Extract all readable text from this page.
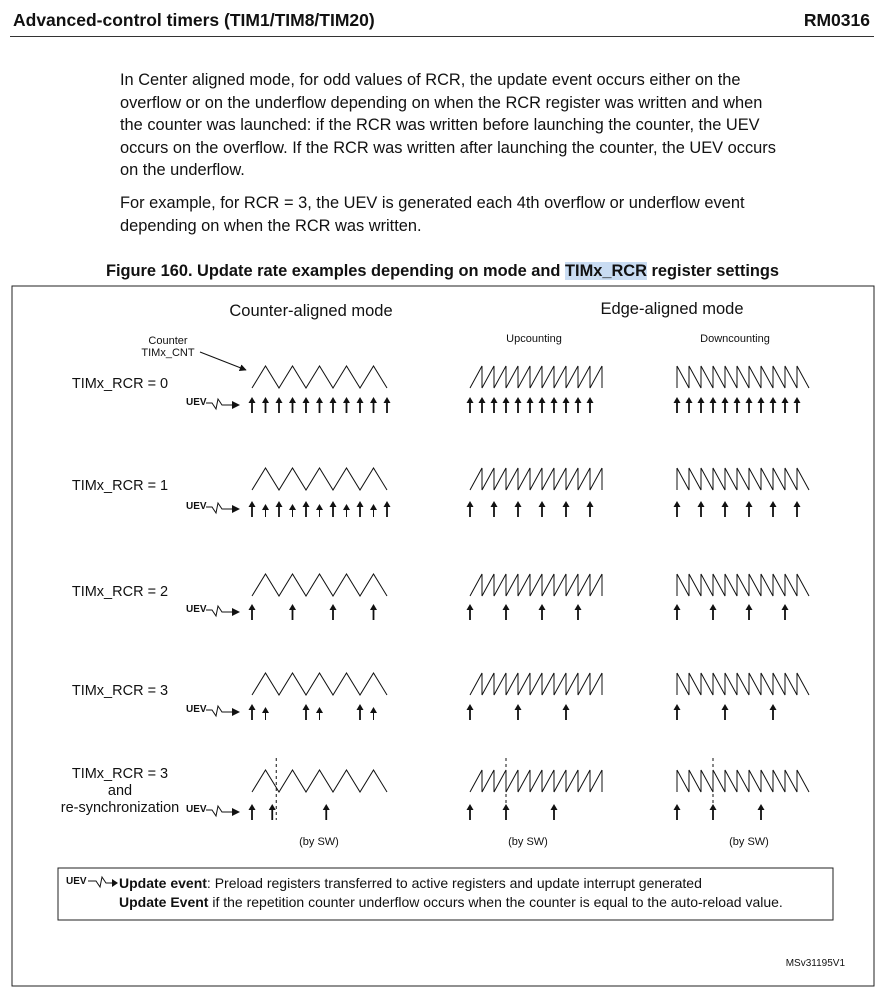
Advanced-control timers (TIM1/TIM8/TIM20)	RM0316
In Center aligned mode, for odd values of RCR, the update event occurs either on the
overflow or on the underflow depending on when the RCR register was written and when
the counter was launched: if the RCR was written before launching the counter, the UEV
occurs on the overflow. If the RCR was written after launching the counter, the UEV occurs
on the underflow.
For example, for RCR = 3, the UEV is generated each 4th overflow or underflow event
depending on when the RCR was written.
Figure 160. Update rate examples depending on mode and TIMx_RCR register settings
Counter-aligned mode	Edge-aligned mode
Upcounting	Downcounting
Counter
TIMx_CNT
TIMx_RCR = 0
UEV
TIMx_RCR = 1
UEV
TIMx_RCR = 2
UEV
TIMx_RCR = 3
UEV
TIMx_RCR = 3
and
re-synchronization UEV
(by SW)	(by SW)	(by SW)
UEV Update event: Preload registers transferred to active registers and update interrupt generated
Update Event if the repetition counter underflow occurs when the counter is equal to the auto-reload value.
MSv31195V1
